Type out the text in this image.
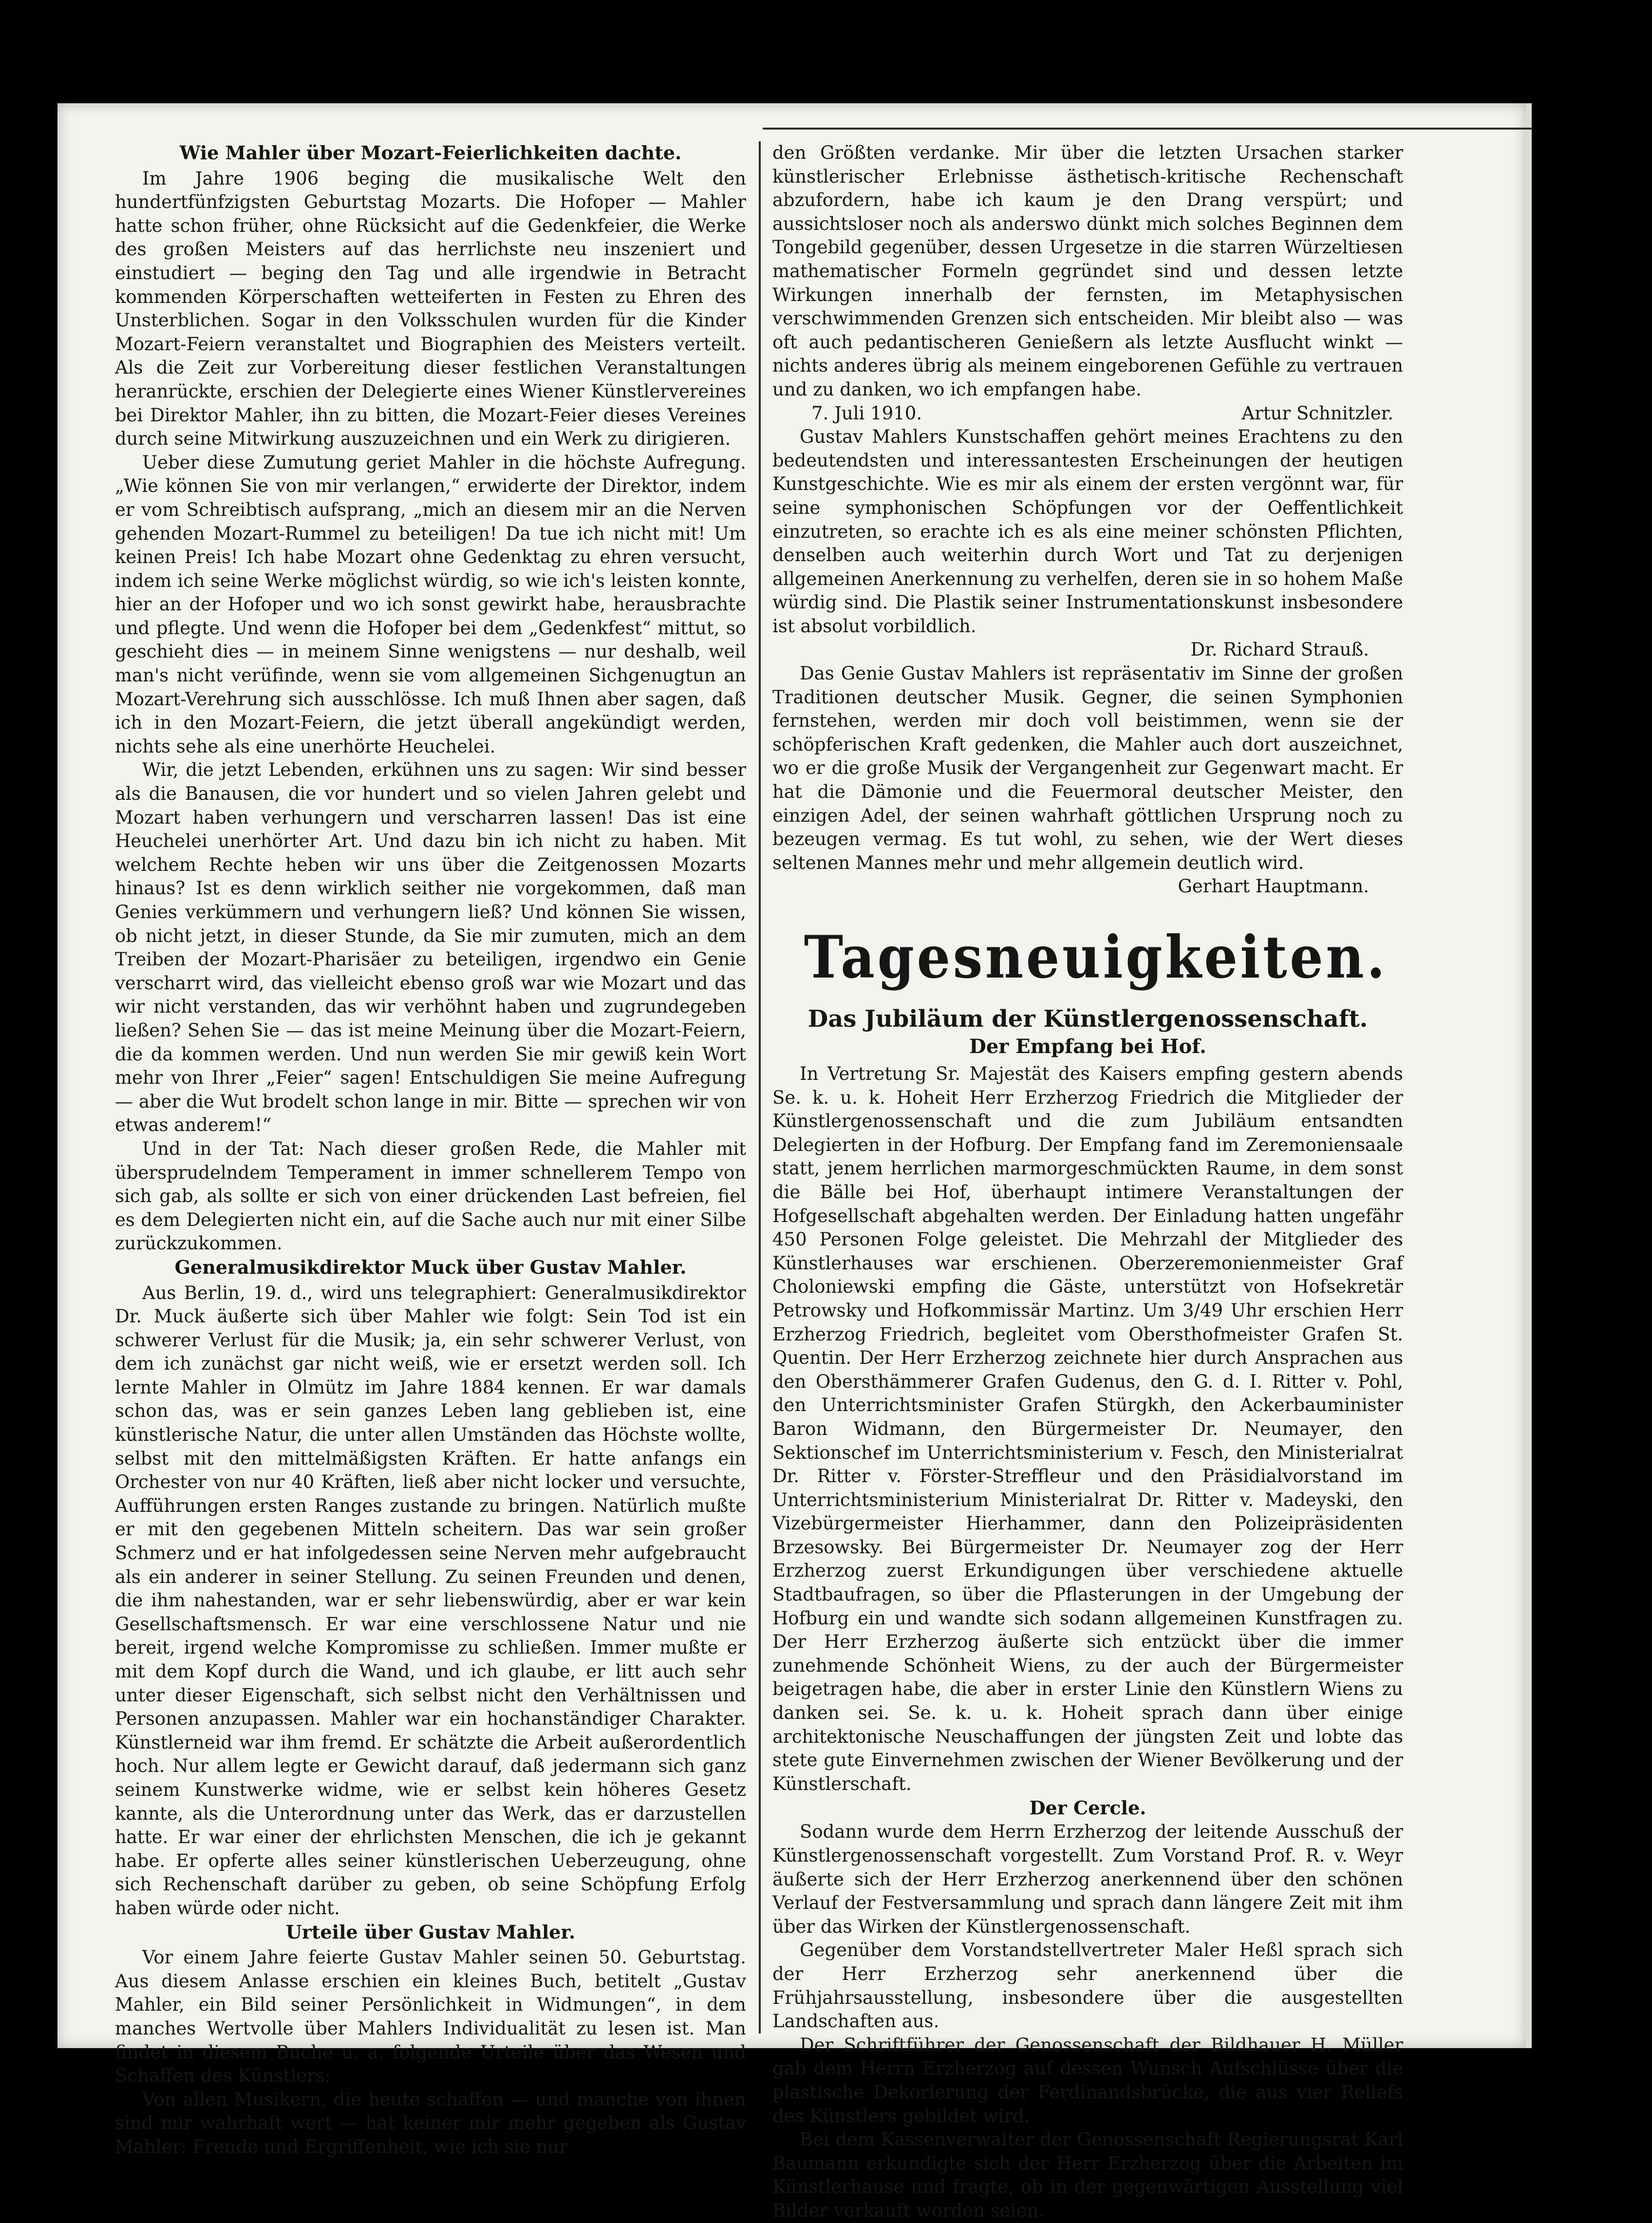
Wie Mahler über Mozart-Feierlichkeiten dachte.

Im Jahre 1906 beging die musikalische Welt den hundertfünfzigsten Geburtstag Mozarts. Die Hofoper — Mahler hatte schon früher, ohne Rücksicht auf die Gedenkfeier, die Werke des großen Meisters auf das herrlichste neu inszeniert und einstudiert — beging den Tag und alle irgendwie in Betracht kommenden Körperschaften wetteiferten in Festen zu Ehren des Unsterblichen. Sogar in den Volksschulen wurden für die Kinder Mozart-Feiern veranstaltet und Biographien des Meisters verteilt. Als die Zeit zur Vorbereitung dieser festlichen Veranstaltungen heranrückte, erschien der Delegierte eines Wiener Künstlervereines bei Direktor Mahler, ihn zu bitten, die Mozart-Feier dieses Vereines durch seine Mitwirkung auszuzeichnen und ein Werk zu dirigieren.

Ueber diese Zumutung geriet Mahler in die höchste Aufregung. „Wie können Sie von mir verlangen,“ erwiderte der Direktor, indem er vom Schreibtisch aufsprang, „mich an diesem mir an die Nerven gehenden Mozart-Rummel zu beteiligen! Da tue ich nicht mit! Um keinen Preis! Ich habe Mozart ohne Gedenktag zu ehren versucht, indem ich seine Werke möglichst würdig, so wie ich's leisten konnte, hier an der Hofoper und wo ich sonst gewirkt habe, herausbrachte und pflegte. Und wenn die Hofoper bei dem „Gedenkfest“ mittut, so geschieht dies — in meinem Sinne wenigstens — nur deshalb, weil man's nicht verüfinde, wenn sie vom allgemeinen Sichgenugtun an Mozart-Verehrung sich ausschlösse. Ich muß Ihnen aber sagen, daß ich in den Mozart-Feiern, die jetzt überall angekündigt werden, nichts sehe als eine unerhörte Heuchelei.

Wir, die jetzt Lebenden, erkühnen uns zu sagen: Wir sind besser als die Banausen, die vor hundert und so vielen Jahren gelebt und Mozart haben verhungern und verscharren lassen! Das ist eine Heuchelei unerhörter Art. Und dazu bin ich nicht zu haben. Mit welchem Rechte heben wir uns über die Zeitgenossen Mozarts hinaus? Ist es denn wirklich seither nie vorgekommen, daß man Genies verkümmern und verhungern ließ? Und können Sie wissen, ob nicht jetzt, in dieser Stunde, da Sie mir zumuten, mich an dem Treiben der Mozart-Pharisäer zu beteiligen, irgendwo ein Genie verscharrt wird, das vielleicht ebenso groß war wie Mozart und das wir nicht verstanden, das wir verhöhnt haben und zugrundegeben ließen? Sehen Sie — das ist meine Meinung über die Mozart-Feiern, die da kommen werden. Und nun werden Sie mir gewiß kein Wort mehr von Ihrer „Feier“ sagen! Entschuldigen Sie meine Aufregung — aber die Wut brodelt schon lange in mir. Bitte — sprechen wir von etwas anderem!“

Und in der Tat: Nach dieser großen Rede, die Mahler mit übersprudelndem Temperament in immer schnellerem Tempo von sich gab, als sollte er sich von einer drückenden Last befreien, fiel es dem Delegierten nicht ein, auf die Sache auch nur mit einer Silbe zurückzukommen.

Generalmusikdirektor Muck über Gustav Mahler.

Aus Berlin, 19. d., wird uns telegraphiert: Generalmusikdirektor Dr. Muck äußerte sich über Mahler wie folgt: Sein Tod ist ein schwerer Verlust für die Musik; ja, ein sehr schwerer Verlust, von dem ich zunächst gar nicht weiß, wie er ersetzt werden soll. Ich lernte Mahler in Olmütz im Jahre 1884 kennen. Er war damals schon das, was er sein ganzes Leben lang geblieben ist, eine künstlerische Natur, die unter allen Umständen das Höchste wollte, selbst mit den mittelmäßigsten Kräften. Er hatte anfangs ein Orchester von nur 40 Kräften, ließ aber nicht locker und versuchte, Aufführungen ersten Ranges zustande zu bringen. Natürlich mußte er mit den gegebenen Mitteln scheitern. Das war sein großer Schmerz und er hat infolgedessen seine Nerven mehr aufgebraucht als ein anderer in seiner Stellung. Zu seinen Freunden und denen, die ihm nahestanden, war er sehr liebenswürdig, aber er war kein Gesellschaftsmensch. Er war eine verschlossene Natur und nie bereit, irgend welche Kompromisse zu schließen. Immer mußte er mit dem Kopf durch die Wand, und ich glaube, er litt auch sehr unter dieser Eigenschaft, sich selbst nicht den Verhältnissen und Personen anzupassen. Mahler war ein hochanständiger Charakter. Künstlerneid war ihm fremd. Er schätzte die Arbeit außerordentlich hoch. Nur allem legte er Gewicht darauf, daß jedermann sich ganz seinem Kunstwerke widme, wie er selbst kein höheres Gesetz kannte, als die Unterordnung unter das Werk, das er darzustellen hatte. Er war einer der ehrlichsten Menschen, die ich je gekannt habe. Er opferte alles seiner künstlerischen Ueberzeugung, ohne sich Rechenschaft darüber zu geben, ob seine Schöpfung Erfolg haben würde oder nicht.

Urteile über Gustav Mahler.

Vor einem Jahre feierte Gustav Mahler seinen 50. Geburtstag. Aus diesem Anlasse erschien ein kleines Buch, betitelt „Gustav Mahler, ein Bild seiner Persönlichkeit in Widmungen“, in dem manches Wertvolle über Mahlers Individualität zu lesen ist. Man findet in diesem Buche u. a. folgende Urteile über das Wesen und Schaffen des Künstlers:

Von allen Musikern, die heute schaffen — und manche von ihnen sind mir wahrhaft wert — hat keiner mir mehr gegeben als Gustav Mahler: Freude und Ergriffenheit, wie ich sie nur

den Größten verdanke. Mir über die letzten Ursachen starker künstlerischer Erlebnisse ästhetisch-kritische Rechenschaft abzufordern, habe ich kaum je den Drang verspürt; und aussichtsloser noch als anderswo dünkt mich solches Beginnen dem Tongebild gegenüber, dessen Urgesetze in die starren Würzeltiesen mathematischer Formeln gegründet sind und dessen letzte Wirkungen innerhalb der fernsten, im Metaphysischen verschwimmenden Grenzen sich entscheiden. Mir bleibt also — was oft auch pedantischeren Genießern als letzte Ausflucht winkt — nichts anderes übrig als meinem eingeborenen Gefühle zu vertrauen und zu danken, wo ich empfangen habe.

7. Juli 1910.	Artur Schnitzler.

Gustav Mahlers Kunstschaffen gehört meines Erachtens zu den bedeutendsten und interessantesten Erscheinungen der heutigen Kunstgeschichte. Wie es mir als einem der ersten vergönnt war, für seine symphonischen Schöpfungen vor der Oeffentlichkeit einzutreten, so erachte ich es als eine meiner schönsten Pflichten, denselben auch weiterhin durch Wort und Tat zu derjenigen allgemeinen Anerkennung zu verhelfen, deren sie in so hohem Maße würdig sind. Die Plastik seiner Instrumentationskunst insbesondere ist absolut vorbildlich.

Dr. Richard Strauß.

Das Genie Gustav Mahlers ist repräsentativ im Sinne der großen Traditionen deutscher Musik. Gegner, die seinen Symphonien fernstehen, werden mir doch voll beistimmen, wenn sie der schöpferischen Kraft gedenken, die Mahler auch dort auszeichnet, wo er die große Musik der Vergangenheit zur Gegenwart macht. Er hat die Dämonie und die Feuermoral deutscher Meister, den einzigen Adel, der seinen wahrhaft göttlichen Ursprung noch zu bezeugen vermag. Es tut wohl, zu sehen, wie der Wert dieses seltenen Mannes mehr und mehr allgemein deutlich wird.

Gerhart Hauptmann.
Tagesneuigkeiten.
Das Jubiläum der Künstlergenossenschaft.
Der Empfang bei Hof.

In Vertretung Sr. Majestät des Kaisers empfing gestern abends Se. k. u. k. Hoheit Herr Erzherzog Friedrich die Mitglieder der Künstlergenossenschaft und die zum Jubiläum entsandten Delegierten in der Hofburg. Der Empfang fand im Zeremoniensaale statt, jenem herrlichen marmorgeschmückten Raume, in dem sonst die Bälle bei Hof, überhaupt intimere Veranstaltungen der Hofgesellschaft abgehalten werden. Der Einladung hatten ungefähr 450 Personen Folge geleistet. Die Mehrzahl der Mitglieder des Künstlerhauses war erschienen. Oberzeremonienmeister Graf Choloniewski empfing die Gäste, unterstützt von Hofsekretär Petrowsky und Hofkommissär Martinz. Um 3/49 Uhr erschien Herr Erzherzog Friedrich, begleitet vom Obersthofmeister Grafen St. Quentin. Der Herr Erzherzog zeichnete hier durch Ansprachen aus den Obersthämmerer Grafen Gudenus, den G. d. I. Ritter v. Pohl, den Unterrichtsminister Grafen Stürgkh, den Ackerbauminister Baron Widmann, den Bürgermeister Dr. Neumayer, den Sektionschef im Unterrichtsministerium v. Fesch, den Ministerialrat Dr. Ritter v. Förster-Streffleur und den Präsidialvorstand im Unterrichtsministerium Ministerialrat Dr. Ritter v. Madeyski, den Vizebürgermeister Hierhammer, dann den Polizeipräsidenten Brzesowsky. Bei Bürgermeister Dr. Neumayer zog der Herr Erzherzog zuerst Erkundigungen über verschiedene aktuelle Stadtbaufragen, so über die Pflasterungen in der Umgebung der Hofburg ein und wandte sich sodann allgemeinen Kunstfragen zu. Der Herr Erzherzog äußerte sich entzückt über die immer zunehmende Schönheit Wiens, zu der auch der Bürgermeister beigetragen habe, die aber in erster Linie den Künstlern Wiens zu danken sei. Se. k. u. k. Hoheit sprach dann über einige architektonische Neuschaffungen der jüngsten Zeit und lobte das stete gute Einvernehmen zwischen der Wiener Bevölkerung und der Künstlerschaft.

Der Cercle.

Sodann wurde dem Herrn Erzherzog der leitende Ausschuß der Künstlergenossenschaft vorgestellt. Zum Vorstand Prof. R. v. Weyr äußerte sich der Herr Erzherzog anerkennend über den schönen Verlauf der Festversammlung und sprach dann längere Zeit mit ihm über das Wirken der Künstlergenossenschaft.

Gegenüber dem Vorstandstellvertreter Maler Heßl sprach sich der Herr Erzherzog sehr anerkennend über die Frühjahrsausstellung, insbesondere über die ausgestellten Landschaften aus.

Der Schriftführer der Genossenschaft der Bildhauer H. Müller gab dem Herrn Erzherzog auf dessen Wunsch Aufschlüsse über die plastische Dekorierung der Ferdinandsbrücke, die aus vier Reliefs des Künstlers gebildet wird.

Bei dem Kassenverwalter der Genossenschaft Regierungsrat Karl Baumann erkundigte sich der Herr Erzherzog über die Arbeiten im Künstlerhause und fragte, ob in der gegenwärtigen Ausstellung viel Bilder verkauft worden seien.
